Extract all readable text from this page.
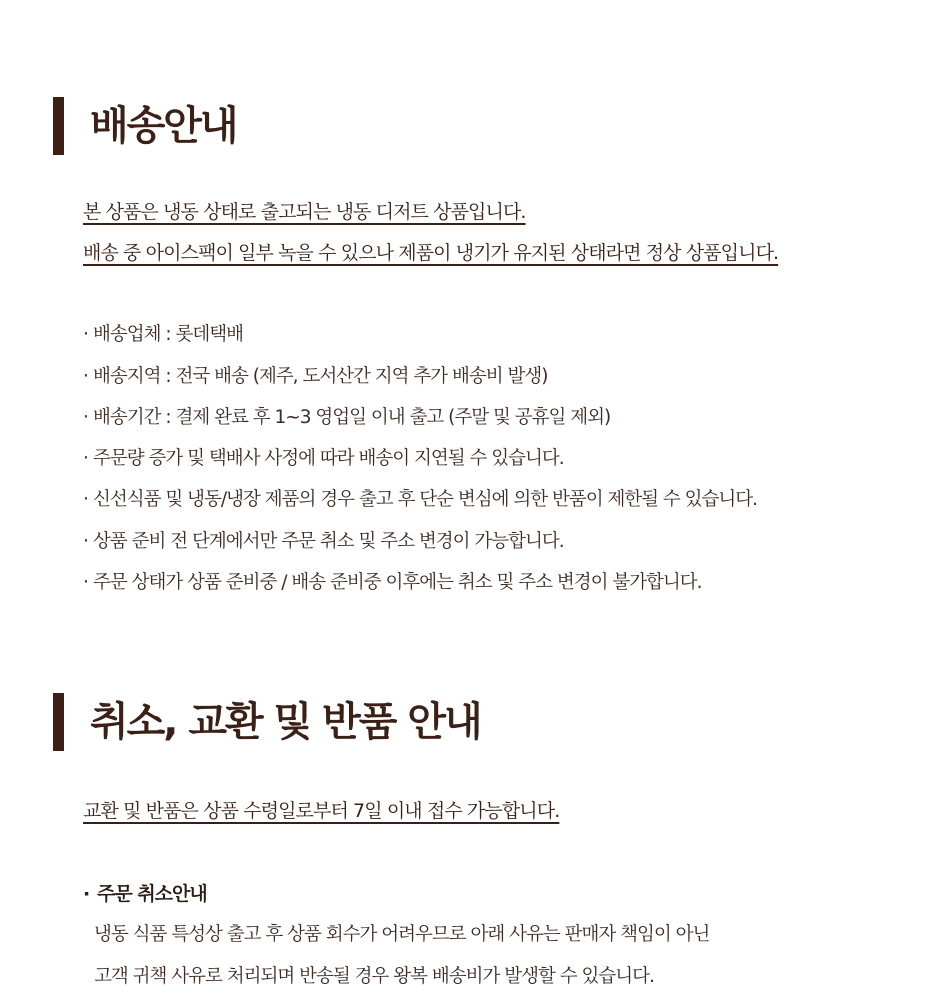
배송안내

본 상품은 냉동 상태로 출고되는 냉동 디저트 상품입니다.

배송 중 아이스팩이 일부 녹을 수 있으나 제품이 냉기가 유지된 상태라면 정상 상품입니다.

· 배송업체 : 롯데택배

· 배송지역 : 전국 배송 (제주, 도서산간 지역 추가 배송비 발생)

· 배송기간 : 결제 완료 후 1~3 영업일 이내 출고 (주말 및 공휴일 제외)

· 주문량 증가 및 택배사 사정에 따라 배송이 지연될 수 있습니다.

· 신선식품 및 냉동/냉장 제품의 경우 출고 후 단순 변심에 의한 반품이 제한될 수 있습니다.

· 상품 준비 전 단계에서만 주문 취소 및 주소 변경이 가능합니다.

· 주문 상태가 상품 준비중 / 배송 준비중 이후에는 취소 및 주소 변경이 불가합니다.

취소, 교환 및 반품 안내

교환 및 반품은 상품 수령일로부터 7일 이내 접수 가능합니다.

· 주문 취소안내

냉동 식품 특성상 출고 후 상품 회수가 어려우므로 아래 사유는 판매자 책임이 아닌

고객 귀책 사유로 처리되며 반송될 경우 왕복 배송비가 발생할 수 있습니다.
